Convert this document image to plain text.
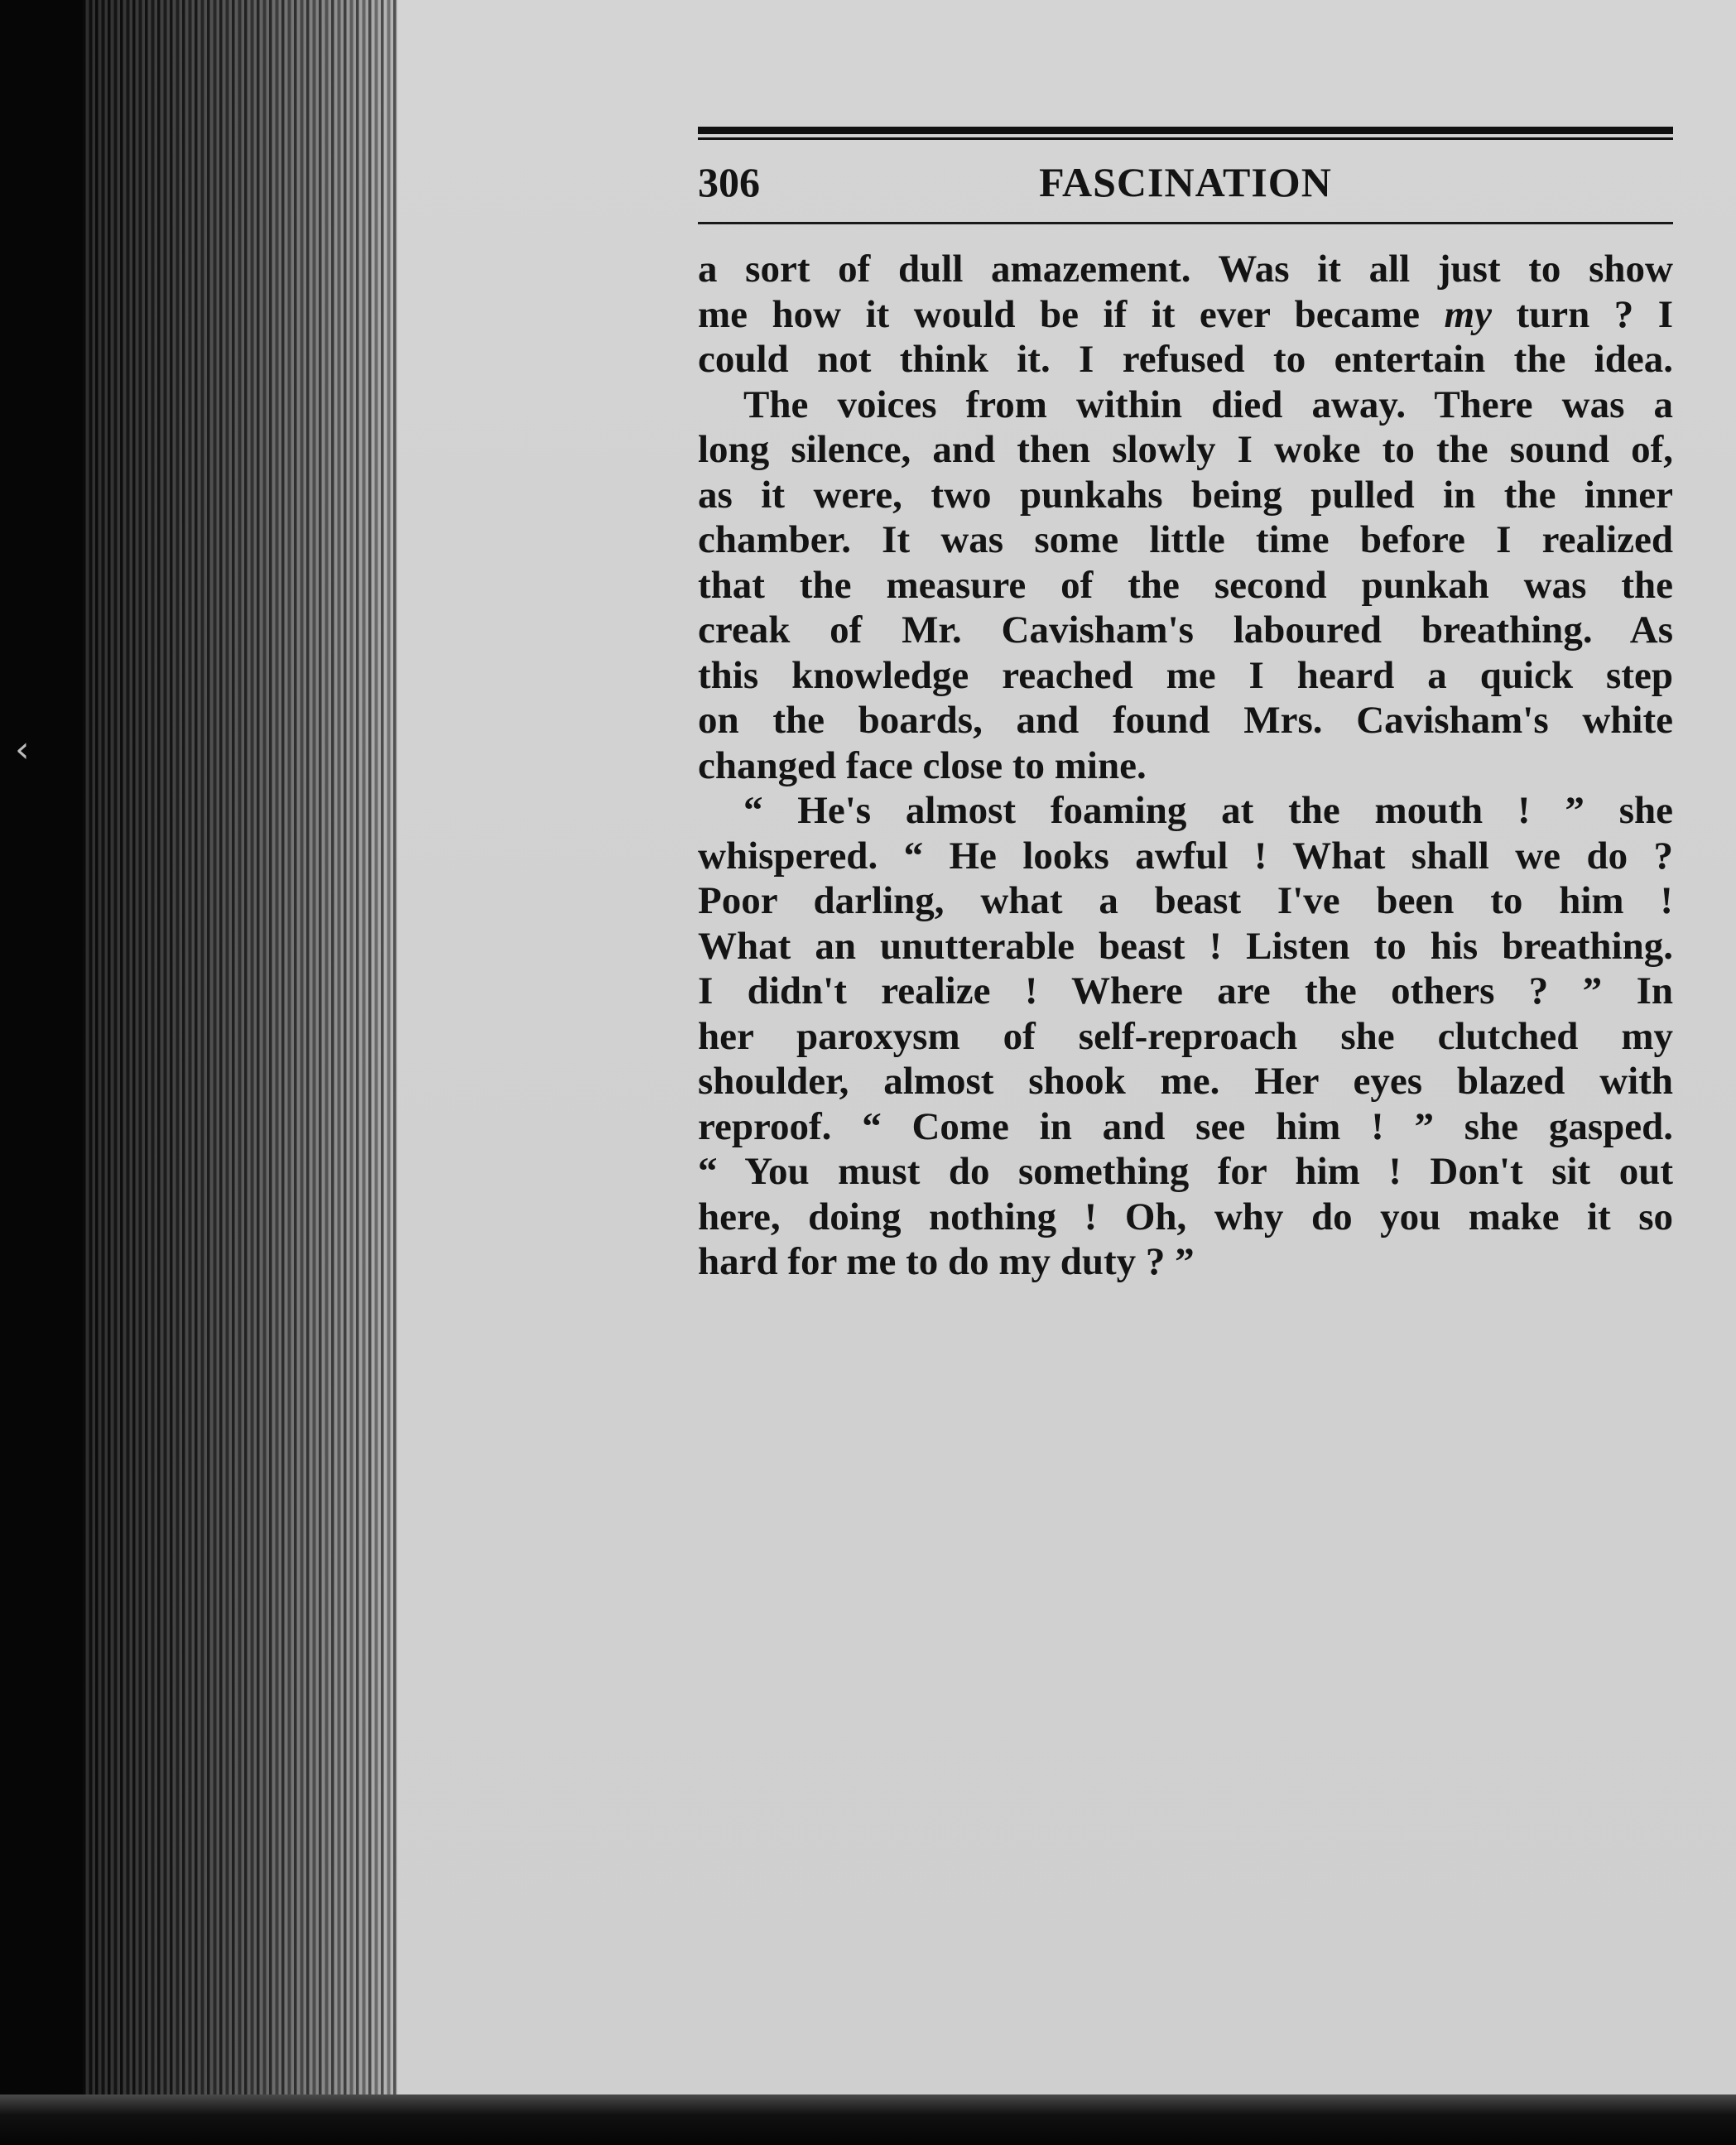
‹
306	FASCINATION
a sort of dull amazement. Was it all just to show
me how it would be if it ever became my turn ? I
could not think it. I refused to entertain the idea.
The voices from within died away. There was a
long silence, and then slowly I woke to the sound of,
as it were, two punkahs being pulled in the inner
chamber. It was some little time before I realized
that the measure of the second punkah was the
creak of Mr. Cavisham's laboured breathing. As
this knowledge reached me I heard a quick step
on the boards, and found Mrs. Cavisham's white
changed face close to mine.
“ He's almost foaming at the mouth ! ” she
whispered. “ He looks awful ! What shall we do ?
Poor darling, what a beast I've been to him !
What an unutterable beast ! Listen to his breathing.
I didn't realize ! Where are the others ? ” In
her paroxysm of self-reproach she clutched my
shoulder, almost shook me. Her eyes blazed with
reproof. “ Come in and see him ! ” she gasped.
“ You must do something for him ! Don't sit out
here, doing nothing ! Oh, why do you make it so
hard for me to do my duty ? ”
